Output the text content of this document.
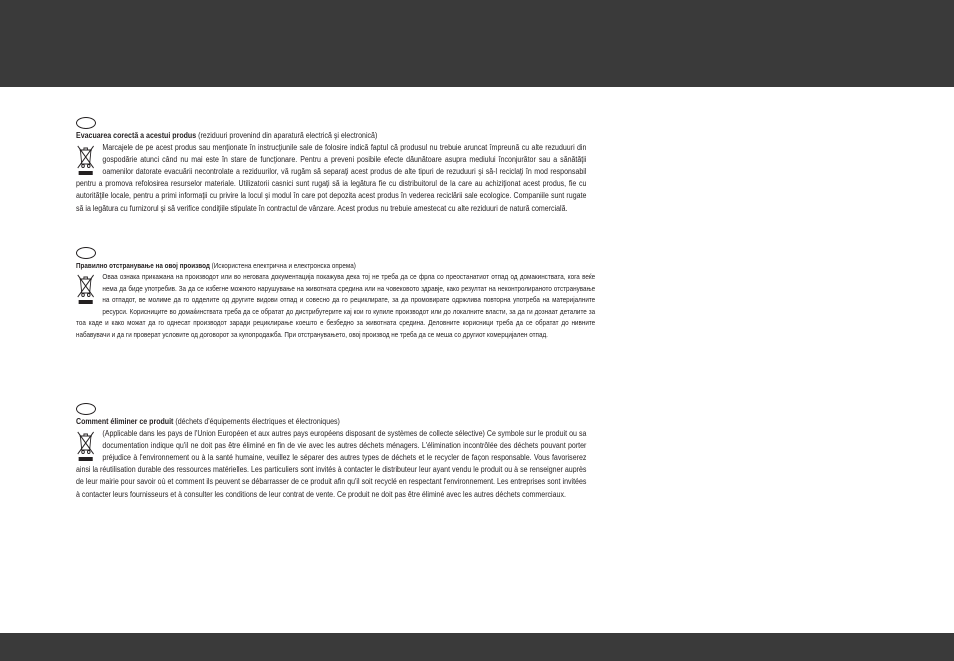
Evacuarea corectă a acestui produs (reziduuri provenind din aparatură electrică şi electronică)
Marcajele de pe acest produs sau menţionate în instrucţiunile sale de folosire indică faptul că produsul nu trebuie aruncat împreună cu alte rezuduuri din gospodărie atunci când nu mai este în stare de funcţionare. Pentru a preveni posibile efecte dăunătoare asupra mediului înconjurător sau a sănătăţii oamenilor datorate evacuării necontrolate a reziduurilor, vă rugăm să separaţi acest produs de alte tipuri de rezuduuri şi să-l reciclaţi în mod responsabil pentru a promova refolosirea resurselor materiale. Utilizatorii casnici sunt rugaţi să ia legătura fie cu distribuitorul de la care au achiziţionat acest produs, fie cu autorităţile locale, pentru a primi informaţii cu privire la locul şi modul în care pot depozita acest produs în vederea reciclării sale ecologice. Companiile sunt rugate să ia legătura cu furnizorul şi să verifice condiţiile stipulate în contractul de vânzare. Acest produs nu trebuie amestecat cu alte reziduuri de natură comercială.
Правилно отстранување на овој производ (Искористена електрична и електронска опрема)
Оваа ознака прикажана на производот или во неговата документација покажува дека тој не треба да се фрла со преостанатиот отпад од домакинствата, кога веќе нема да биде употребив. За да се избегне можното нарушување на животната средина или на човековото здравје, како резултат на неконтролираното отстранување на отпадот, ве молиме да го одделите од другите видови отпад и совесно да го рециклирате, за да промовирате одржлива повторна употреба на материјалните ресурси. Корисниците во домаќинствата треба да се обратат до дистрибутерите кај кои го купиле производот или до локалните власти, за да ги дознаат деталите за тоа каде и како можат да го однесат производот заради рециклирање коешто е безбедно за животната средина. Деловните корисници треба да се обратат до нивните набавувачи и да ги проверат условите од договорот за купопродажба. При отстранувањето, овој производ не треба да се меша со другиот комерцијален отпад.
Comment éliminer ce produit (déchets d'équipements électriques et électroniques)
(Applicable dans les pays de l'Union Européen et aux autres pays européens disposant de systèmes de collecte sélective) Ce symbole sur le produit ou sa documentation indique qu'il ne doit pas être éliminé en fin de vie avec les autres déchets ménagers. L'élimination incontrôlée des déchets pouvant porter préjudice à l'environnement ou à la santé humaine, veuillez le séparer des autres types de déchets et le recycler de façon responsable. Vous favoriserez ainsi la réutilisation durable des ressources matérielles. Les particuliers sont invités à contacter le distributeur leur ayant vendu le produit ou à se renseigner auprès de leur mairie pour savoir où et comment ils peuvent se débarrasser de ce produit afin qu'il soit recyclé en respectant l'environnement. Les entreprises sont invitées à contacter leurs fournisseurs et à consulter les conditions de leur contrat de vente. Ce produit ne doit pas être éliminé avec les autres déchets commerciaux.
